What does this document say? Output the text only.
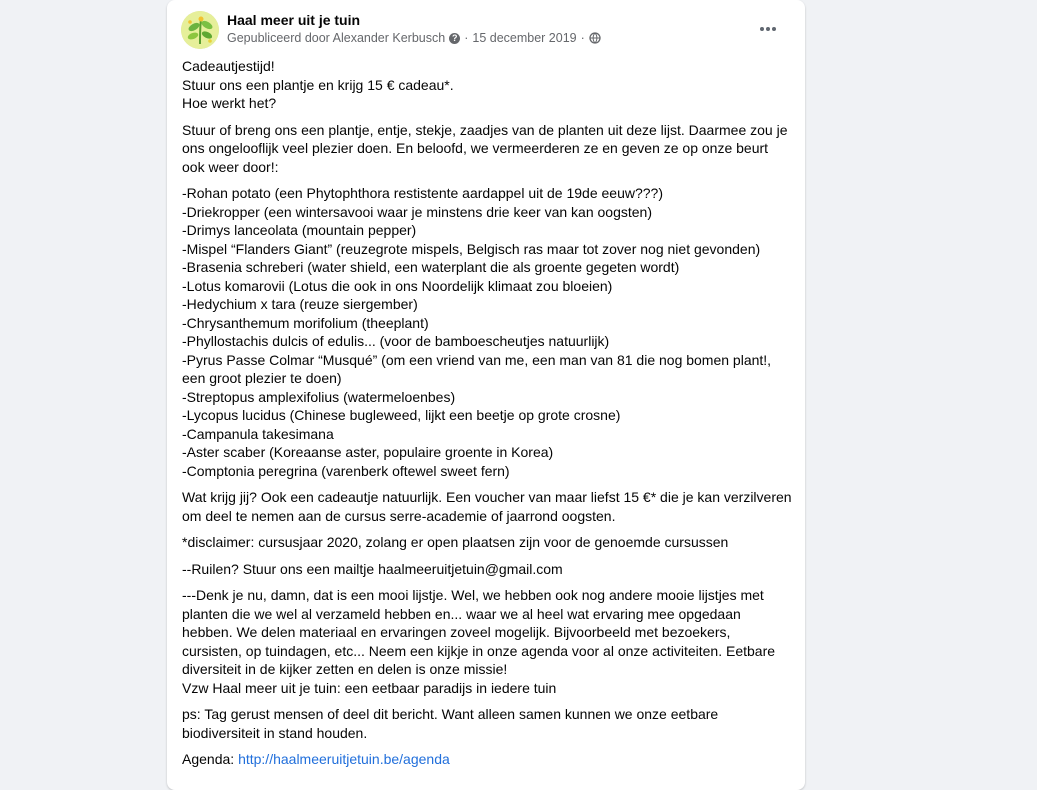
Haal meer uit je tuin
Gepubliceerd door Alexander Kerbusch ? · 15 december 2019 ·

Cadeautjestijd!
Stuur ons een plantje en krijg 15 € cadeau*.
Hoe werkt het?

Stuur of breng ons een plantje, entje, stekje, zaadjes van de planten uit deze lijst. Daarmee zou je ons ongelooflijk veel plezier doen. En beloofd, we vermeerderen ze en geven ze op onze beurt ook weer door!:

-Rohan potato (een Phytophthora restistente aardappel uit de 19de eeuw???)
-Driekropper (een wintersavooi waar je minstens drie keer van kan oogsten)
-Drimys lanceolata (mountain pepper)
-Mispel “Flanders Giant” (reuzegrote mispels, Belgisch ras maar tot zover nog niet gevonden)
-Brasenia schreberi (water shield, een waterplant die als groente gegeten wordt)
-Lotus komarovii (Lotus die ook in ons Noordelijk klimaat zou bloeien)
-Hedychium x tara (reuze siergember)
-Chrysanthemum morifolium (theeplant)
-Phyllostachis dulcis of edulis... (voor de bamboescheutjes natuurlijk)
-Pyrus Passe Colmar “Musqué” (om een vriend van me, een man van 81 die nog bomen plant!, een groot plezier te doen)
-Streptopus amplexifolius (watermeloenbes)
-Lycopus lucidus (Chinese bugleweed, lijkt een beetje op grote crosne)
-Campanula takesimana
-Aster scaber (Koreaanse aster, populaire groente in Korea)
-Comptonia peregrina (varenberk oftewel sweet fern)

Wat krijg jij? Ook een cadeautje natuurlijk. Een voucher van maar liefst 15 €* die je kan verzilveren om deel te nemen aan de cursus serre-academie of jaarrond oogsten.

*disclaimer: cursusjaar 2020, zolang er open plaatsen zijn voor de genoemde cursussen

--Ruilen? Stuur ons een mailtje haalmeeruitjetuin@gmail.com

---Denk je nu, damn, dat is een mooi lijstje. Wel, we hebben ook nog andere mooie lijstjes met planten die we wel al verzameld hebben en... waar we al heel wat ervaring mee opgedaan hebben. We delen materiaal en ervaringen zoveel mogelijk. Bijvoorbeeld met bezoekers, cursisten, op tuindagen, etc... Neem een kijkje in onze agenda voor al onze activiteiten. Eetbare diversiteit in de kijker zetten en delen is onze missie!
Vzw Haal meer uit je tuin: een eetbaar paradijs in iedere tuin

ps: Tag gerust mensen of deel dit bericht. Want alleen samen kunnen we onze eetbare biodiversiteit in stand houden.

Agenda: http://haalmeeruitjetuin.be/agenda
